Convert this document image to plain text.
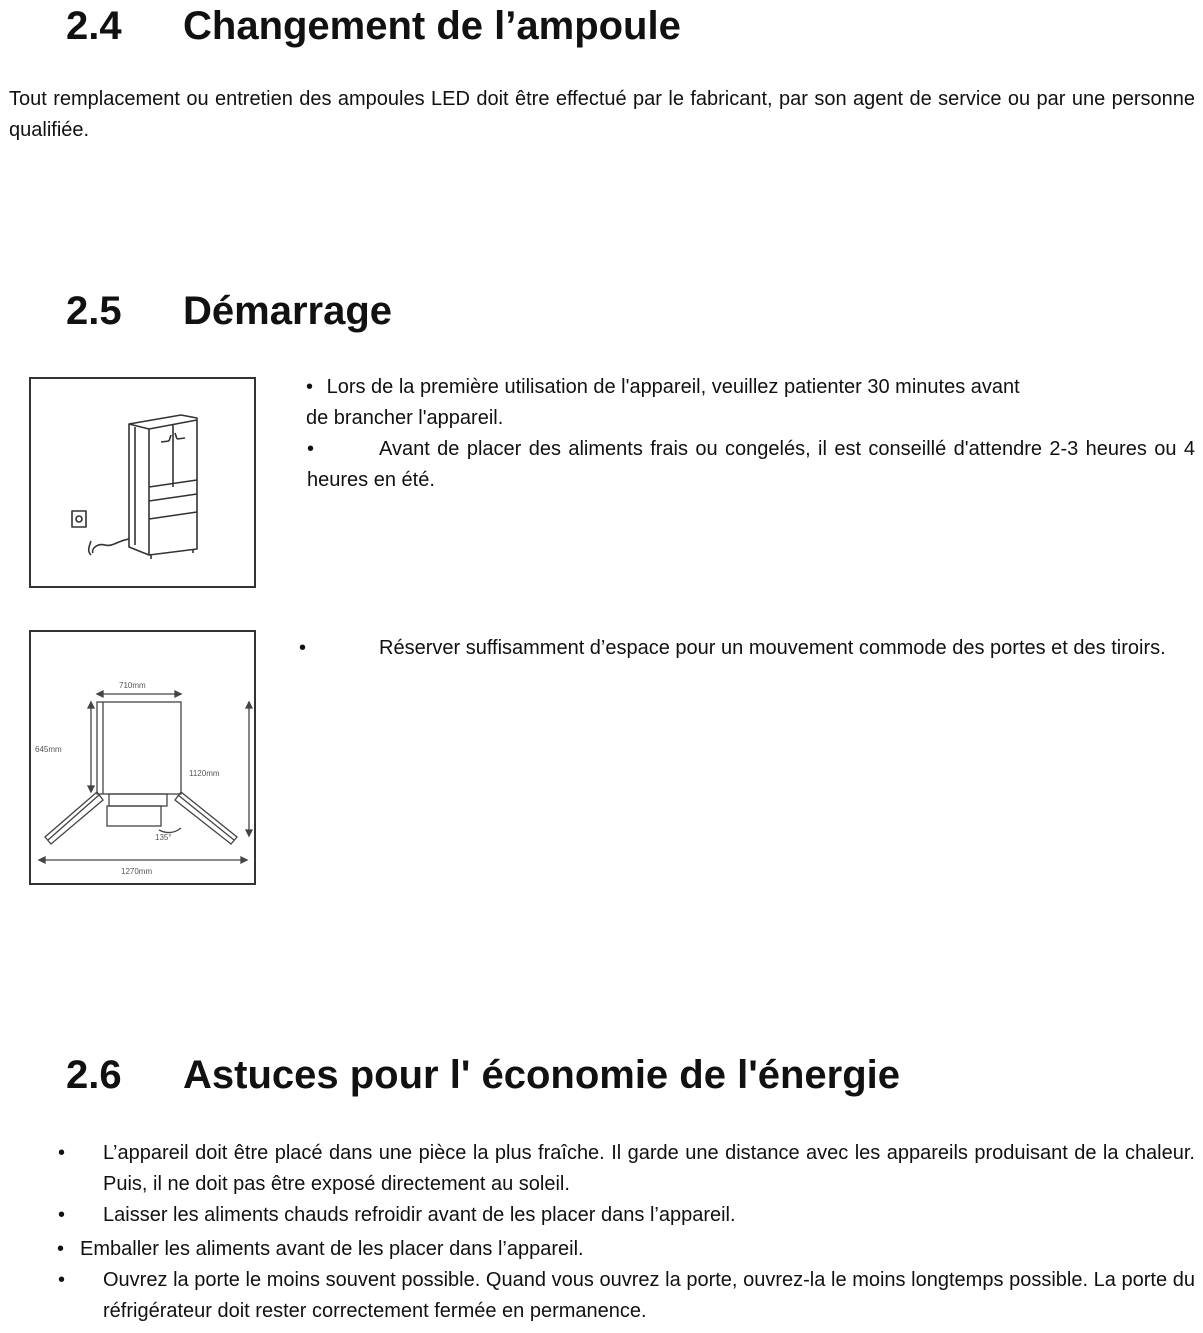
2.4 Changement de l’ampoule

Tout remplacement ou entretien des ampoules LED doit être effectué par le fabricant, par son agent de service ou par une personne qualifiée.

2.5 Démarrage
• Lors de la première utilisation de l'appareil, veuillez patienter 30 minutes avant
de brancher l'appareil.

•	Avant de placer des aliments frais ou congelés, il est conseillé d'attendre 2-3 heures ou 4 heures en été.

710mm
645mm
1120mm
135°
1270mm

•	Réserver suffisamment d’espace pour un mouvement commode des portes et des tiroirs.

2.6 Astuces pour l' économie de l'énergie
• L’appareil doit être placé dans une pièce la plus fraîche. Il garde une distance avec les appareils produisant de la chaleur. Puis, il ne doit pas être exposé directement au soleil.
• Laisser les aliments chauds refroidir avant de les placer dans l’appareil.
• Emballer les aliments avant de les placer dans l’appareil.
• Ouvrez la porte le moins souvent possible. Quand vous ouvrez la porte, ouvrez-la le moins longtemps possible. La porte du réfrigérateur doit rester correctement fermée en permanence.
